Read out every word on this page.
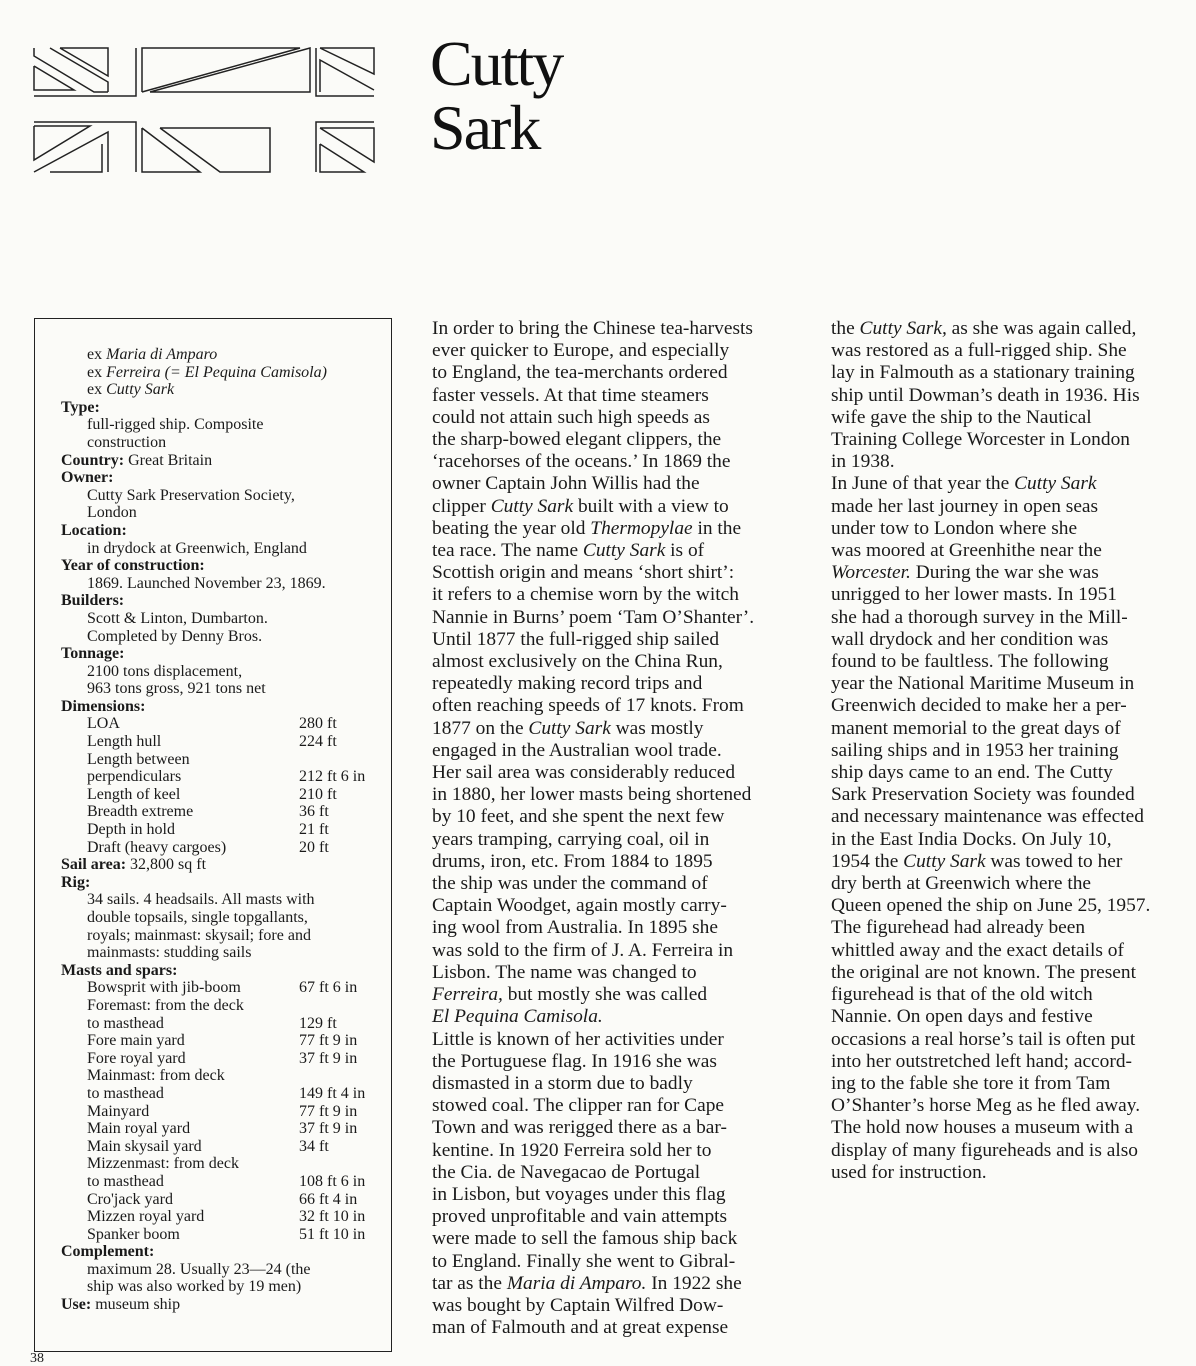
Cutty
Sark
ex Maria di Amparo
ex Ferreira (= El Pequina Camisola)
ex Cutty Sark
Type:
full-rigged ship. Composite
construction
Country: Great Britain
Owner:
Cutty Sark Preservation Society,
London
Location:
in drydock at Greenwich, England
Year of construction:
1869. Launched November 23, 1869.
Builders:
Scott & Linton, Dumbarton.
Completed by Denny Bros.
Tonnage:
2100 tons displacement,
963 tons gross, 921 tons net
Dimensions:
LOA	280 ft
Length hull	224 ft
Length between
perpendiculars	212 ft 6 in
Length of keel	210 ft
Breadth extreme	36 ft
Depth in hold	21 ft
Draft (heavy cargoes)	20 ft
Sail area: 32,800 sq ft
Rig:
34 sails. 4 headsails. All masts with
double topsails, single topgallants,
royals; mainmast: skysail; fore and
mainmasts: studding sails
Masts and spars:
Bowsprit with jib-boom	67 ft 6 in
Foremast: from the deck
to masthead	129 ft
Fore main yard	77 ft 9 in
Fore royal yard	37 ft 9 in
Mainmast: from deck
to masthead	149 ft 4 in
Mainyard	77 ft 9 in
Main royal yard	37 ft 9 in
Main skysail yard	34 ft
Mizzenmast: from deck
to masthead	108 ft 6 in
Cro'jack yard	66 ft 4 in
Mizzen royal yard	32 ft 10 in
Spanker boom	51 ft 10 in
Complement:
maximum 28. Usually 23—24 (the
ship was also worked by 19 men)
Use: museum ship
In order to bring the Chinese tea-harvests
ever quicker to Europe, and especially
to England, the tea-merchants ordered
faster vessels. At that time steamers
could not attain such high speeds as
the sharp-bowed elegant clippers, the
‘racehorses of the oceans.’ In 1869 the
owner Captain John Willis had the
clipper Cutty Sark built with a view to
beating the year old Thermopylae in the
tea race. The name Cutty Sark is of
Scottish origin and means ‘short shirt’:
it refers to a chemise worn by the witch
Nannie in Burns’ poem ‘Tam O’Shanter’.
Until 1877 the full-rigged ship sailed
almost exclusively on the China Run,
repeatedly making record trips and
often reaching speeds of 17 knots. From
1877 on the Cutty Sark was mostly
engaged in the Australian wool trade.
Her sail area was considerably reduced
in 1880, her lower masts being shortened
by 10 feet, and she spent the next few
years tramping, carrying coal, oil in
drums, iron, etc. From 1884 to 1895
the ship was under the command of
Captain Woodget, again mostly carry-
ing wool from Australia. In 1895 she
was sold to the firm of J. A. Ferreira in
Lisbon. The name was changed to
Ferreira, but mostly she was called
El Pequina Camisola.
Little is known of her activities under
the Portuguese flag. In 1916 she was
dismasted in a storm due to badly
stowed coal. The clipper ran for Cape
Town and was rerigged there as a bar-
kentine. In 1920 Ferreira sold her to
the Cia. de Navegacao de Portugal
in Lisbon, but voyages under this flag
proved unprofitable and vain attempts
were made to sell the famous ship back
to England. Finally she went to Gibral-
tar as the Maria di Amparo. In 1922 she
was bought by Captain Wilfred Dow-
man of Falmouth and at great expense
the Cutty Sark, as she was again called,
was restored as a full-rigged ship. She
lay in Falmouth as a stationary training
ship until Dowman’s death in 1936. His
wife gave the ship to the Nautical
Training College Worcester in London
in 1938.
In June of that year the Cutty Sark
made her last journey in open seas
under tow to London where she
was moored at Greenhithe near the
Worcester. During the war she was
unrigged to her lower masts. In 1951
she had a thorough survey in the Mill-
wall drydock and her condition was
found to be faultless. The following
year the National Maritime Museum in
Greenwich decided to make her a per-
manent memorial to the great days of
sailing ships and in 1953 her training
ship days came to an end. The Cutty
Sark Preservation Society was founded
and necessary maintenance was effected
in the East India Docks. On July 10,
1954 the Cutty Sark was towed to her
dry berth at Greenwich where the
Queen opened the ship on June 25, 1957.
The figurehead had already been
whittled away and the exact details of
the original are not known. The present
figurehead is that of the old witch
Nannie. On open days and festive
occasions a real horse’s tail is often put
into her outstretched left hand; accord-
ing to the fable she tore it from Tam
O’Shanter’s horse Meg as he fled away.
The hold now houses a museum with a
display of many figureheads and is also
used for instruction.
38
